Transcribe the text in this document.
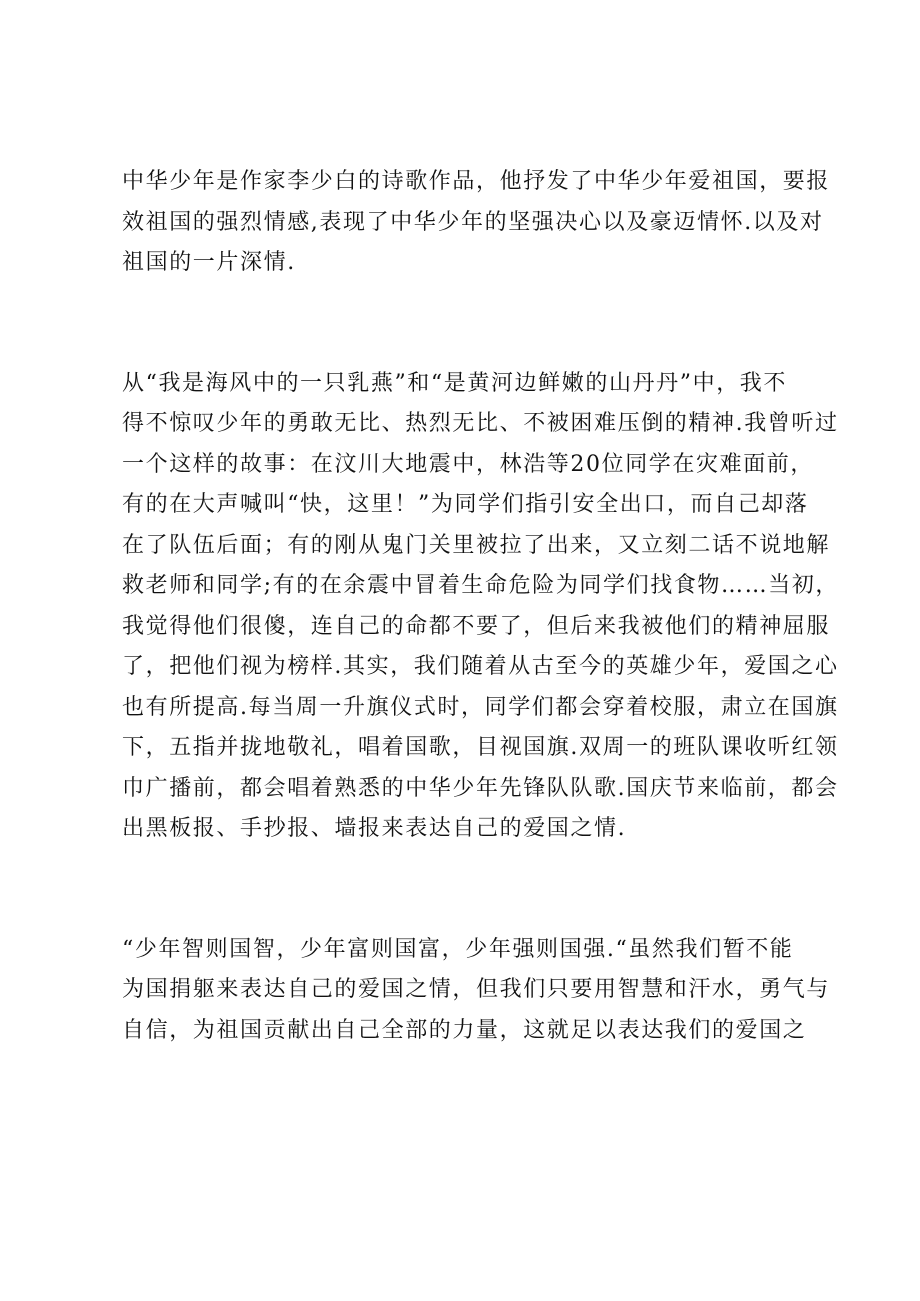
中华少年是作家李少白的诗歌作品，他抒发了中华少年爱祖国，要报
效祖国的强烈情感,表现了中华少年的坚强决心以及豪迈情怀.以及对
祖国的一片深情.

从“我是海风中的一只乳燕”和“是黄河边鲜嫩的山丹丹”中，我不
得不惊叹少年的勇敢无比、热烈无比、不被困难压倒的精神.我曾听过
一个这样的故事：在汶川大地震中，林浩等20位同学在灾难面前，
有的在大声喊叫“快，这里！”为同学们指引安全出口，而自己却落
在了队伍后面；有的刚从鬼门关里被拉了出来，又立刻二话不说地解
救老师和同学;有的在余震中冒着生命危险为同学们找食物……当初，
我觉得他们很傻，连自己的命都不要了，但后来我被他们的精神屈服
了，把他们视为榜样.其实，我们随着从古至今的英雄少年，爱国之心
也有所提高.每当周一升旗仪式时，同学们都会穿着校服，肃立在国旗
下，五指并拢地敬礼，唱着国歌，目视国旗.双周一的班队课收听红领
巾广播前，都会唱着熟悉的中华少年先锋队队歌.国庆节来临前，都会
出黑板报、手抄报、墙报来表达自己的爱国之情.

“少年智则国智，少年富则国富，少年强则国强.“虽然我们暂不能
为国捐躯来表达自己的爱国之情，但我们只要用智慧和汗水，勇气与
自信，为祖国贡献出自己全部的力量，这就足以表达我们的爱国之
